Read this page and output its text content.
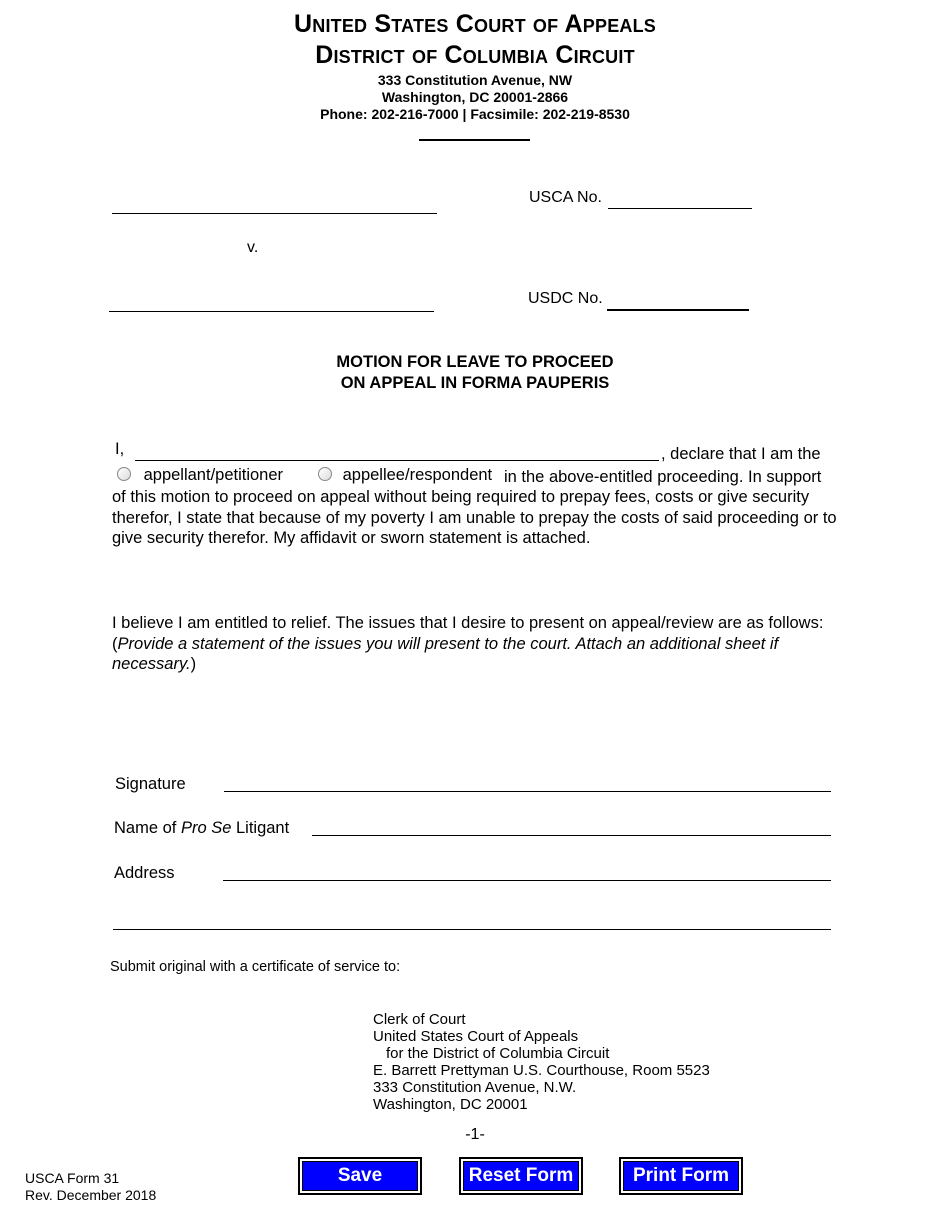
United States Court of Appeals
District of Columbia Circuit
333 Constitution Avenue, NW
Washington, DC 20001-2866
Phone: 202-216-7000 | Facsimile: 202-219-8530
USCA No.
v.
USDC No.
MOTION FOR LEAVE TO PROCEED
ON APPEAL IN FORMA PAUPERIS
I,	, declare that I am the
appellant/petitioner	appellee/respondent in the above-entitled proceeding. In support
of this motion to proceed on appeal without being required to prepay fees, costs or give security therefor, I state that because of my poverty I am unable to prepay the costs of said proceeding or to give security therefor. My affidavit or sworn statement is attached.
I believe I am entitled to relief. The issues that I desire to present on appeal/review are as follows: (Provide a statement of the issues you will present to the court. Attach an additional sheet if necessary.)
Signature
Name of Pro Se Litigant
Address
Submit original with a certificate of service to:
Clerk of Court
United States Court of Appeals
for the District of Columbia Circuit
E. Barrett Prettyman U.S. Courthouse, Room 5523
333 Constitution Avenue, N.W.
Washington, DC 20001
-1-
USCA Form 31
Rev. December 2018
Save	Reset Form	Print Form
